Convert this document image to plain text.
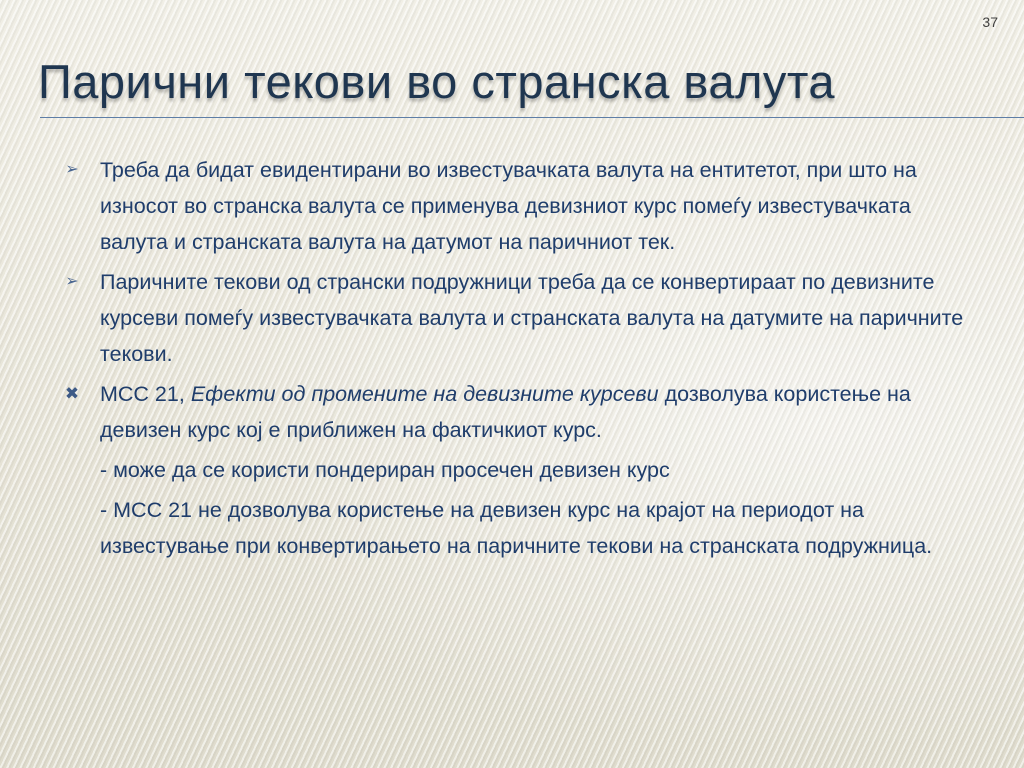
37
Парични текови во странска валута
➢ Треба да бидат евидентирани во известувачката валута на ентитетот, при што на износот во странска валута се применува девизниот курс помеѓу известувачката валута и странската валута на датумот на паричниот тек.
➢ Паричните текови од странски подружници треба да се конвертираат по девизните курсеви помеѓу известувачката валута и странската валута на датумите на паричните текови.
✖ МСС 21, Ефекти од промените на девизните курсеви дозволува користење на девизен курс кој е приближен на фактичкиот курс.
- може да се користи пондериран просечен девизен курс
- МСС 21 не дозволува користење на девизен курс на крајот на периодот на известување при конвертирањето на паричните текови на странската подружница.
